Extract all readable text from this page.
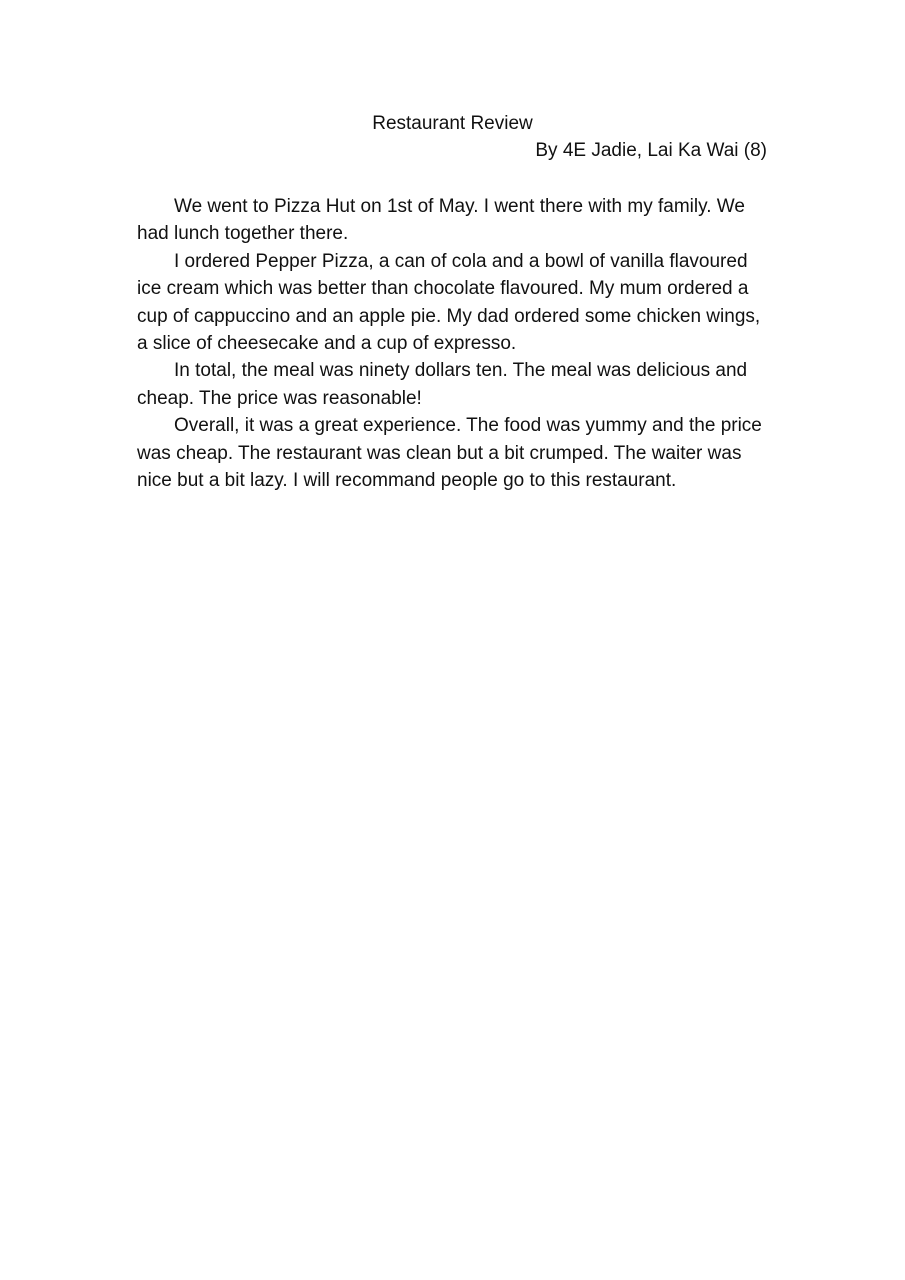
Restaurant Review
By 4E Jadie, Lai Ka Wai (8)

We went to Pizza Hut on 1st of May. I went there with my family. We had lunch together there.

I ordered Pepper Pizza, a can of cola and a bowl of vanilla flavoured ice cream which was better than chocolate flavoured. My mum ordered a cup of cappuccino and an apple pie. My dad ordered some chicken wings, a slice of cheesecake and a cup of expresso.

In total, the meal was ninety dollars ten. The meal was delicious and cheap. The price was reasonable!

Overall, it was a great experience. The food was yummy and the price was cheap. The restaurant was clean but a bit crumped. The waiter was nice but a bit lazy. I will recommand people go to this restaurant.
